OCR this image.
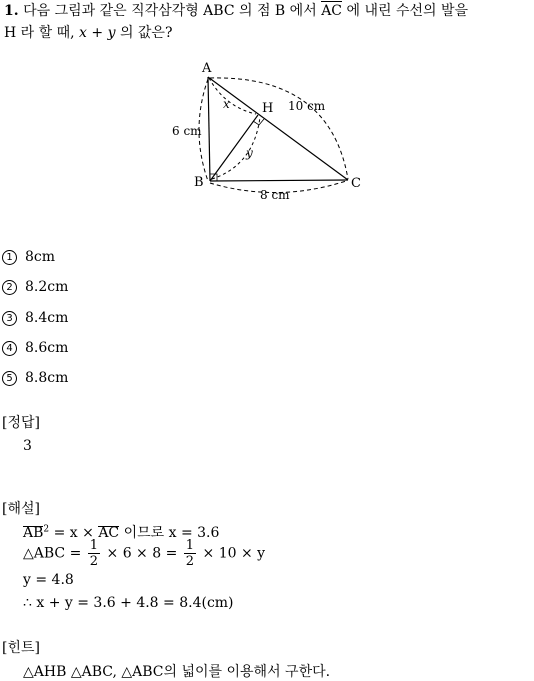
1. 다음 그림과 같은 직각삼각형 ABC 의 점 B 에서 AC 에 내린 수선의 발을
H 라 할 때, x + y 의 값은?
A
B	C
H
x
y
6 cm
8 cm
10 cm
1 8cm
2 8.2cm
3 8.4cm
4 8.6cm
5 8.8cm
[정답]
3
[해설]
$AB^2 = x$ × AC 이므로 x = 3.6
△ABC = $\frac{1}{2} \times 6 \times 8 = \frac{1}{2} \times 10 \times y$
y = 4.8
∴ x + y = 3.6 + 4.8 = 8.4(cm)
[힌트]
△AHB △ABC, △ABC의 넓이를 이용해서 구한다.
